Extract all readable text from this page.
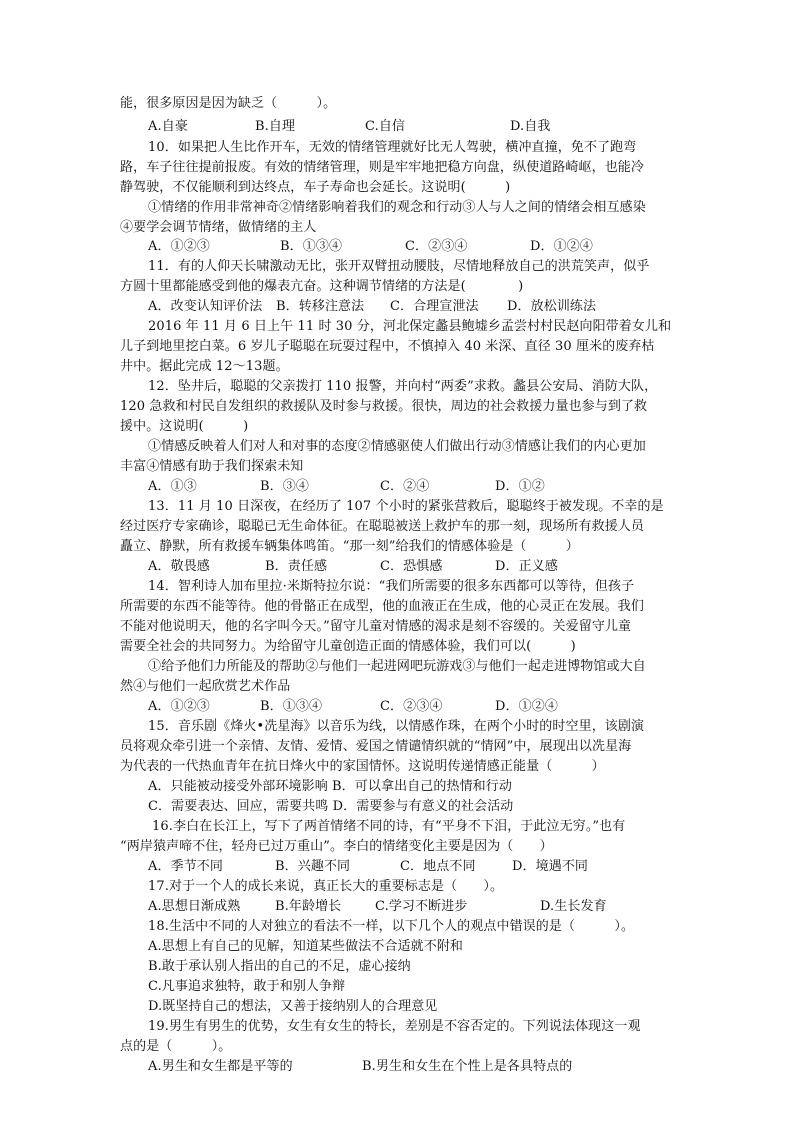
能，很多原因是因为缺乏（　　　）。
A.自豪	B.自理	C.自信	D.自我
10．如果把人生比作开车，无效的情绪管理就好比无人驾驶，横冲直撞，免不了跑弯
路，车子往往提前报废。有效的情绪管理，则是牢牢地把稳方向盘，纵使道路崎岖，也能冷
静驾驶，不仅能顺利到达终点，车子寿命也会延长。这说明(　　　)
①情绪的作用非常神奇②情绪影响着我们的观念和行动③人与人之间的情绪会相互感染
④要学会调节情绪，做情绪的主人
A．①②③	B．①③④	C．②③④	D．①②④
11．有的人仰天长啸激动无比，张开双臂扭动腰肢，尽情地释放自己的洪荒笑声，似乎
方圆十里都能感受到他的爆表亢奋。这种调节情绪的方法是(　　　　)
A．改变认知评价法 B．转移注意法 C．合理宣泄法 D．放松训练法
2016 年 11 月 6 日上午 11 时 30 分，河北保定蠡县鲍墟乡孟尝村村民赵向阳带着女儿和
儿子到地里挖白菜。6 岁儿子聪聪在玩耍过程中，不慎掉入 40 米深、直径 30 厘米的废弃枯
井中。据此完成 12～13题。
12．坠井后，聪聪的父亲拨打 110 报警，并向村“两委”求救。蠡县公安局、消防大队，
120 急救和村民自发组织的救援队及时参与救援。很快，周边的社会救援力量也参与到了救
援中。这说明(　　　)
①情感反映着人们对人和对事的态度②情感驱使人们做出行动③情感让我们的内心更加
丰富④情感有助于我们探索未知
A．①③	B．③④	C．②④	D．①②
13．11 月 10 日深夜，在经历了 107 个小时的紧张营救后，聪聪终于被发现。不幸的是
经过医疗专家确诊，聪聪已无生命体征。在聪聪被送上救护车的那一刻，现场所有救援人员
矗立、静默，所有救援车辆集体鸣笛。“那一刻”给我们的情感体验是（　　　）
A．敬畏感	B．责任感	C．恐惧感	D．正义感
14．智利诗人加布里拉·米斯特拉尔说：“我们所需要的很多东西都可以等待，但孩子
所需要的东西不能等待。他的骨骼正在成型，他的血液正在生成，他的心灵正在发展。我们
不能对他说明天，他的名字叫今天。”留守儿童对情感的渴求是刻不容缓的。关爱留守儿童
需要全社会的共同努力。为给留守儿童创造正面的情感体验，我们可以(　　　)
①给予他们力所能及的帮助②与他们一起进网吧玩游戏③与他们一起走进博物馆或大自
然④与他们一起欣赏艺术作品
A．①②③	B．①③④	C．②③④	D．①②④
15．音乐剧《烽火•冼星海》以音乐为线，以情感作珠，在两个小时的时空里，该剧演
员将观众牵引进一个亲情、友情、爱情、爱国之情谴情织就的“情网”中，展现出以冼星海
为代表的一代热血青年在抗日烽火中的家国情怀。这说明传递情感正能量（　　　）
A．只能被动接受外部环境影响 B．可以拿出自己的热情和行动
C．需要表达、回应，需要共鸣 D．需要参与有意义的社会活动
16.李白在长江上，写下了两首情绪不同的诗，有“平身不下泪，于此泣无穷。”也有
“两岸猿声啼不住，轻舟已过万重山”。李白的情绪变化主要是因为（　　）
A．季节不同	B．兴趣不同	C．地点不同	D．境遇不同
17.对于一个人的成长来说，真正长大的重要标志是（　　）。
A.思想日渐成熟	B.年龄增长	C.学习不断进步	D.生长发育
18.生活中不同的人对独立的看法不一样，以下几个人的观点中错误的是（　　　）。
A.思想上有自己的见解，知道某些做法不合适就不附和
B.敢于承认别人指出的自己的不足，虚心接纳
C.凡事追求独特，敢于和别人争辩
D.既坚持自己的想法，又善于接纳别人的合理意见
19.男生有男生的优势，女生有女生的特长，差别是不容否定的。下列说法体现这一观
点的是（　　　）。
A.男生和女生都是平等的	B.男生和女生在个性上是各具特点的
